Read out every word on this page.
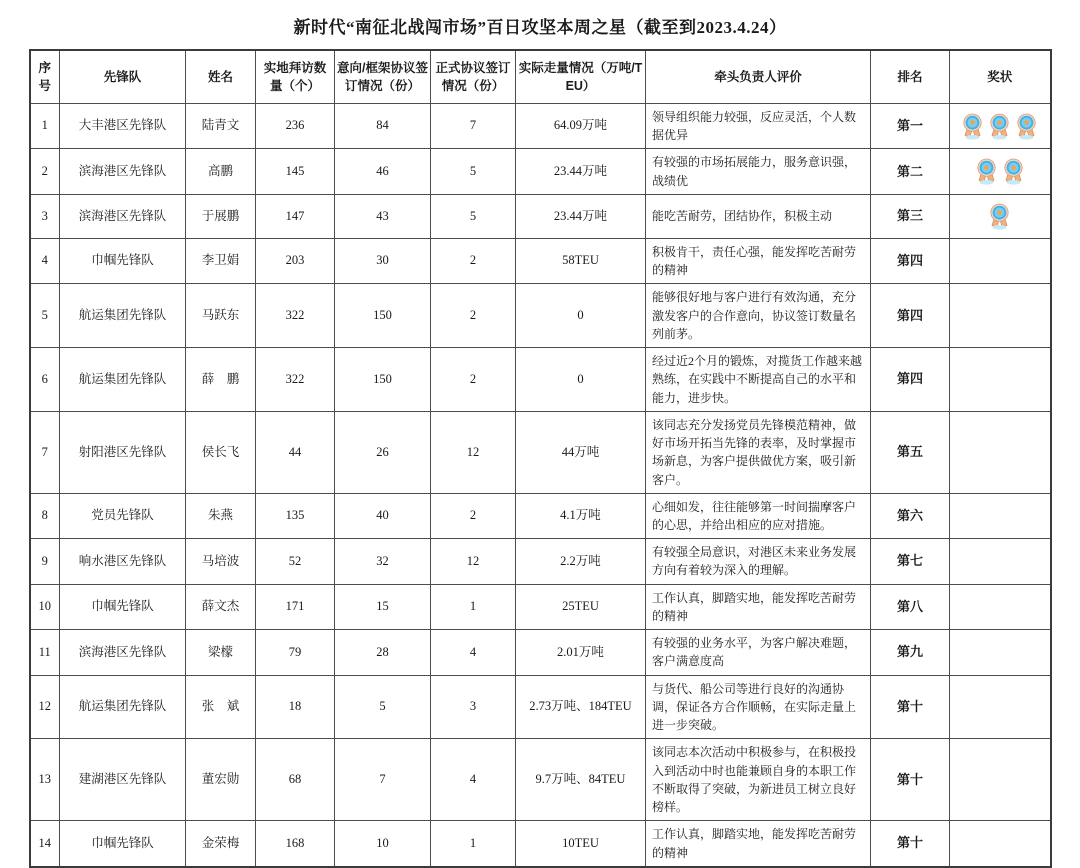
新时代“南征北战闯市场”百日攻坚本周之星（截至到2023.4.24）
序号	先锋队	姓名	实地拜访数量（个）	意向/框架协议签订情况（份）	正式协议签订情况（份）	实际走量情况（万吨/TEU）	牵头负责人评价	排名	奖状
1	大丰港区先锋队	陆青文	236	84	7	64.09万吨	领导组织能力较强，反应灵活，个人数据优异	第一	
2	滨海港区先锋队	高鹏	145	46	5	23.44万吨	有较强的市场拓展能力，服务意识强，战绩优	第二	
3	滨海港区先锋队	于展鹏	147	43	5	23.44万吨	能吃苦耐劳，团结协作，积极主动	第三	
4	巾帼先锋队	李卫娟	203	30	2	58TEU	积极肯干，责任心强，能发挥吃苦耐劳的精神	第四	
5	航运集团先锋队	马跃东	322	150	2	0	能够很好地与客户进行有效沟通，充分激发客户的合作意向，协议签订数量名列前茅。	第四	
6	航运集团先锋队	薛　鹏	322	150	2	0	经过近2个月的锻炼，对揽货工作越来越熟练，在实践中不断提高自己的水平和能力，进步快。	第四	
7	射阳港区先锋队	侯长飞	44	26	12	44万吨	该同志充分发扬党员先锋模范精神，做好市场开拓当先锋的表率，及时掌握市场新息，为客户提供做优方案，吸引新客户。	第五	
8	党员先锋队	朱燕	135	40	2	4.1万吨	心细如发，往往能够第一时间揣摩客户的心思，并给出相应的应对措施。	第六	
9	响水港区先锋队	马培波	52	32	12	2.2万吨	有较强全局意识，对港区未来业务发展方向有着较为深入的理解。	第七	
10	巾帼先锋队	薛文杰	171	15	1	25TEU	工作认真，脚踏实地，能发挥吃苦耐劳的精神	第八	
11	滨海港区先锋队	梁檬	79	28	4	2.01万吨	有较强的业务水平，为客户解决难题，客户满意度高	第九	
12	航运集团先锋队	张　斌	18	5	3	2.73万吨、184TEU	与货代、船公司等进行良好的沟通协调，保证各方合作顺畅，在实际走量上进一步突破。	第十	
13	建湖港区先锋队	董宏勋	68	7	4	9.7万吨、84TEU	该同志本次活动中积极参与，在积极投入到活动中时也能兼顾自身的本职工作不断取得了突破，为新进员工树立良好榜样。	第十	
14	巾帼先锋队	金荣梅	168	10	1	10TEU	工作认真，脚踏实地，能发挥吃苦耐劳的精神	第十	
